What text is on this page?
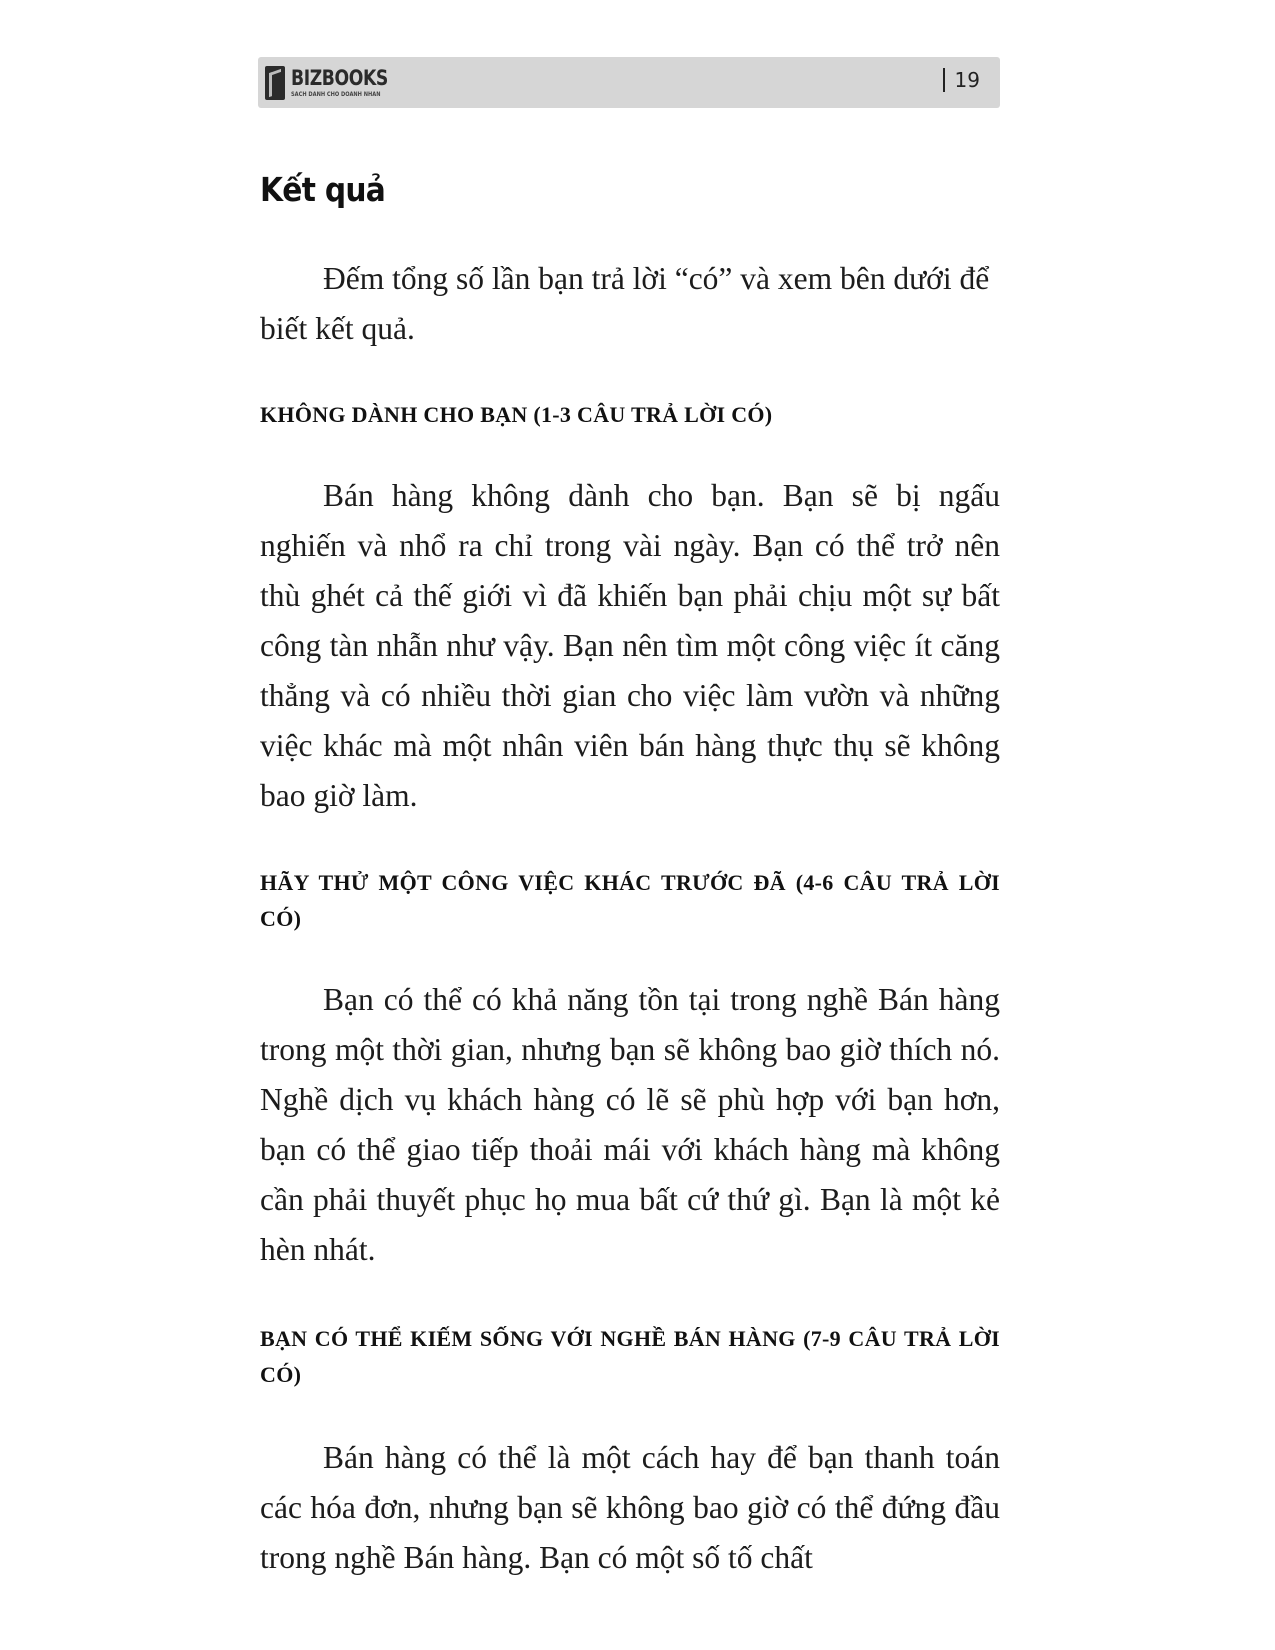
BIZBOOKS
SÁCH DÀNH CHO DOANH NHÂN
19
Kết quả

Đếm tổng số lần bạn trả lời “có” và xem bên dưới để biết kết quả.

KHÔNG DÀNH CHO BẠN (1-3 CÂU TRẢ LỜI CÓ)

Bán hàng không dành cho bạn. Bạn sẽ bị ngấu nghiến và nhổ ra chỉ trong vài ngày. Bạn có thể trở nên thù ghét cả thế giới vì đã khiến bạn phải chịu một sự bất công tàn nhẫn như vậy. Bạn nên tìm một công việc ít căng thẳng và có nhiều thời gian cho việc làm vườn và những việc khác mà một nhân viên bán hàng thực thụ sẽ không bao giờ làm.

HÃY THỬ MỘT CÔNG VIỆC KHÁC TRƯỚC ĐÃ (4-6 CÂU TRẢ LỜI CÓ)

Bạn có thể có khả năng tồn tại trong nghề Bán hàng trong một thời gian, nhưng bạn sẽ không bao giờ thích nó. Nghề dịch vụ khách hàng có lẽ sẽ phù hợp với bạn hơn, bạn có thể giao tiếp thoải mái với khách hàng mà không cần phải thuyết phục họ mua bất cứ thứ gì. Bạn là một kẻ hèn nhát.

BẠN CÓ THỂ KIẾM SỐNG VỚI NGHỀ BÁN HÀNG (7-9 CÂU TRẢ LỜI CÓ)

Bán hàng có thể là một cách hay để bạn thanh toán các hóa đơn, nhưng bạn sẽ không bao giờ có thể đứng đầu trong nghề Bán hàng. Bạn có một số tố chất
